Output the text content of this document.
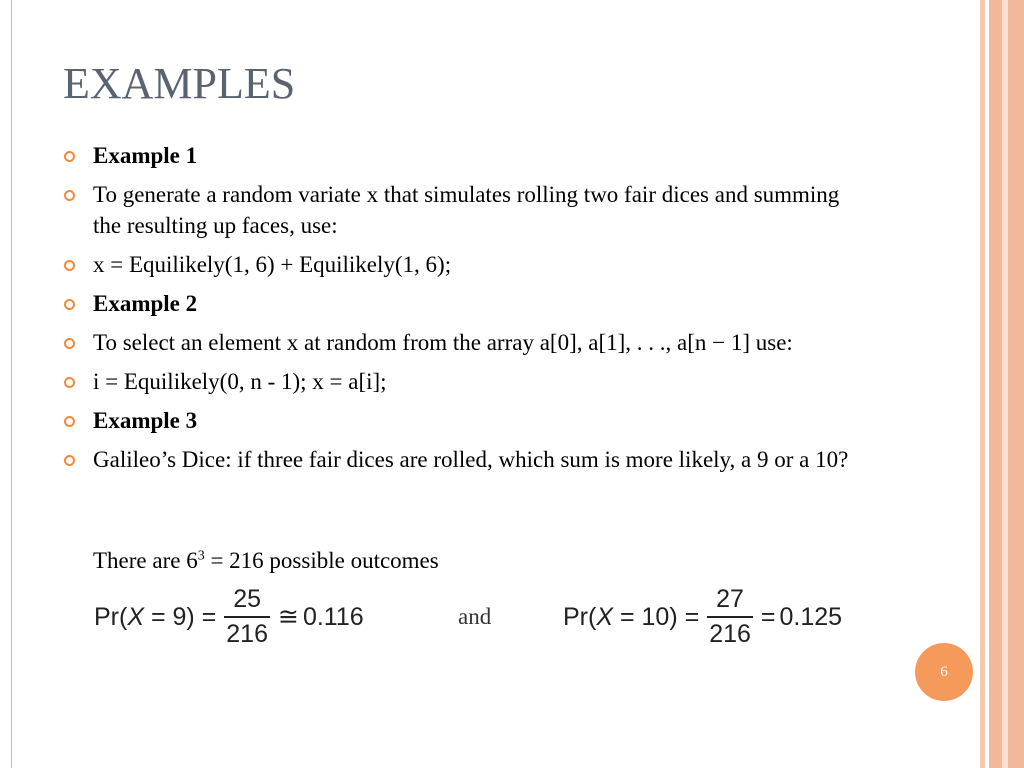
EXAMPLES
Example 1
To generate a random variate x that simulates rolling two fair dices and summing the resulting up faces, use:
x = Equilikely(1, 6) + Equilikely(1, 6);
Example 2
To select an element x at random from the array a[0], a[1], . . ., a[n − 1] use:
i = Equilikely(0, n - 1); x = a[i];
Example 3
Galileo’s Dice: if three fair dices are rolled, which sum is more likely, a 9 or a 10?
There are $6^3 = 216$ possible outcomes
Pr( $X = 9) = \frac{25}{216}$ ≅ 0.116	and	Pr( $X = 10) = \frac{27}{216} = 0.125$
6
